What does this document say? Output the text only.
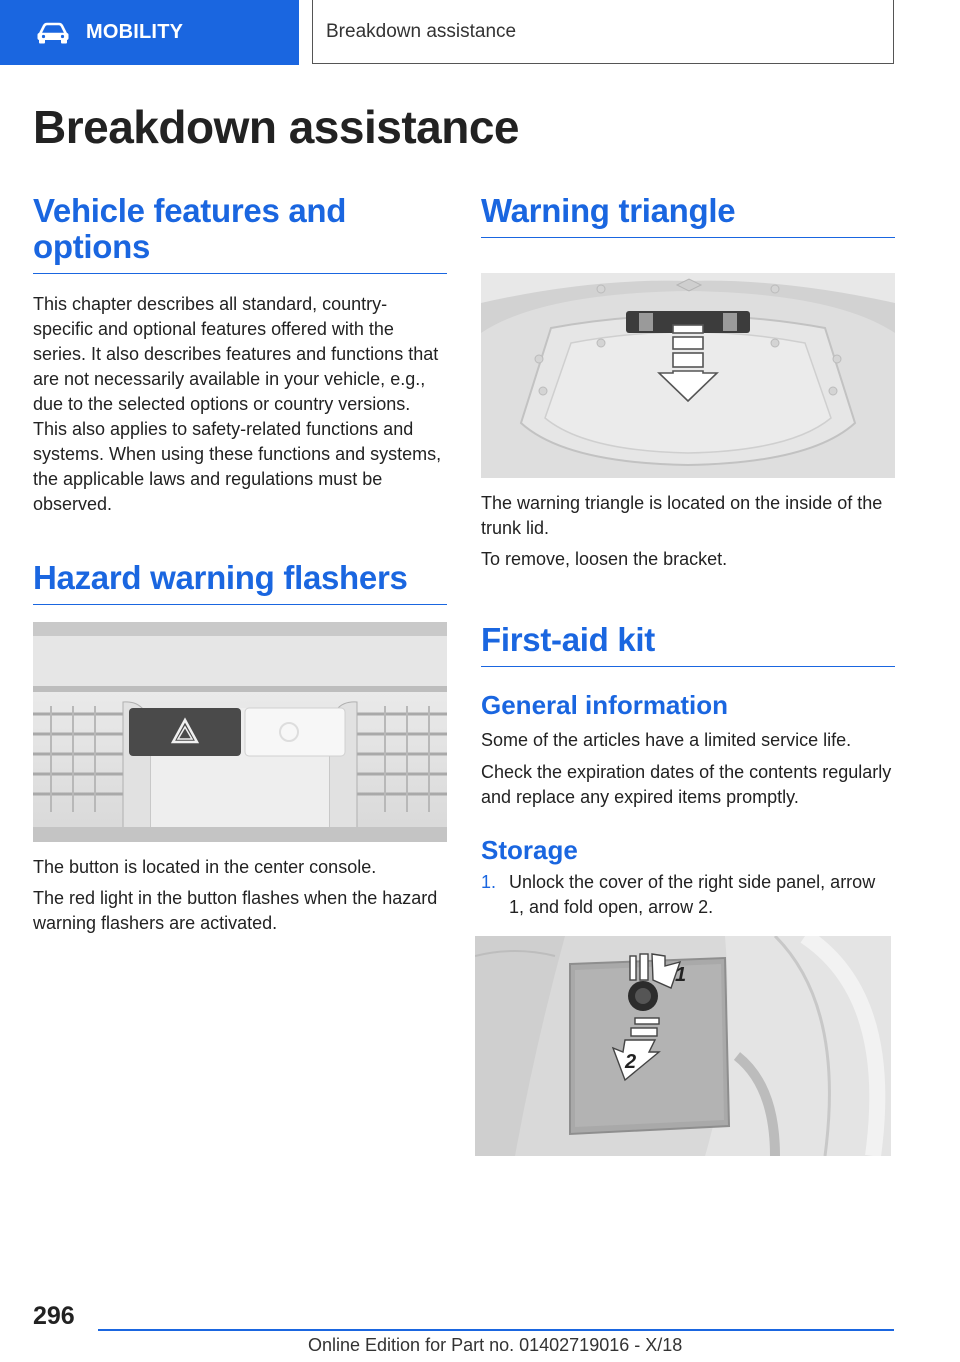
MOBILITY	Breakdown assistance
Breakdown assistance
Vehicle features and options

This chapter describes all standard, country-specific and optional features offered with the series. It also describes features and functions that are not necessarily available in your vehicle, e.g., due to the selected options or country versions. This also applies to safety-related functions and systems. When using these functions and systems, the applicable laws and regulations must be observed.

Hazard warning flashers

The button is located in the center console.

The red light in the button flashes when the hazard warning flashers are activated.

Warning triangle

The warning triangle is located on the inside of the trunk lid.

To remove, loosen the bracket.

First-aid kit
General information

Some of the articles have a limited service life.

Check the expiration dates of the contents regularly and replace any expired items promptly.

Storage
1. Unlock the cover of the right side panel, arrow 1, and fold open, arrow 2.
1
2
296
Online Edition for Part no. 01402719016 - X/18
